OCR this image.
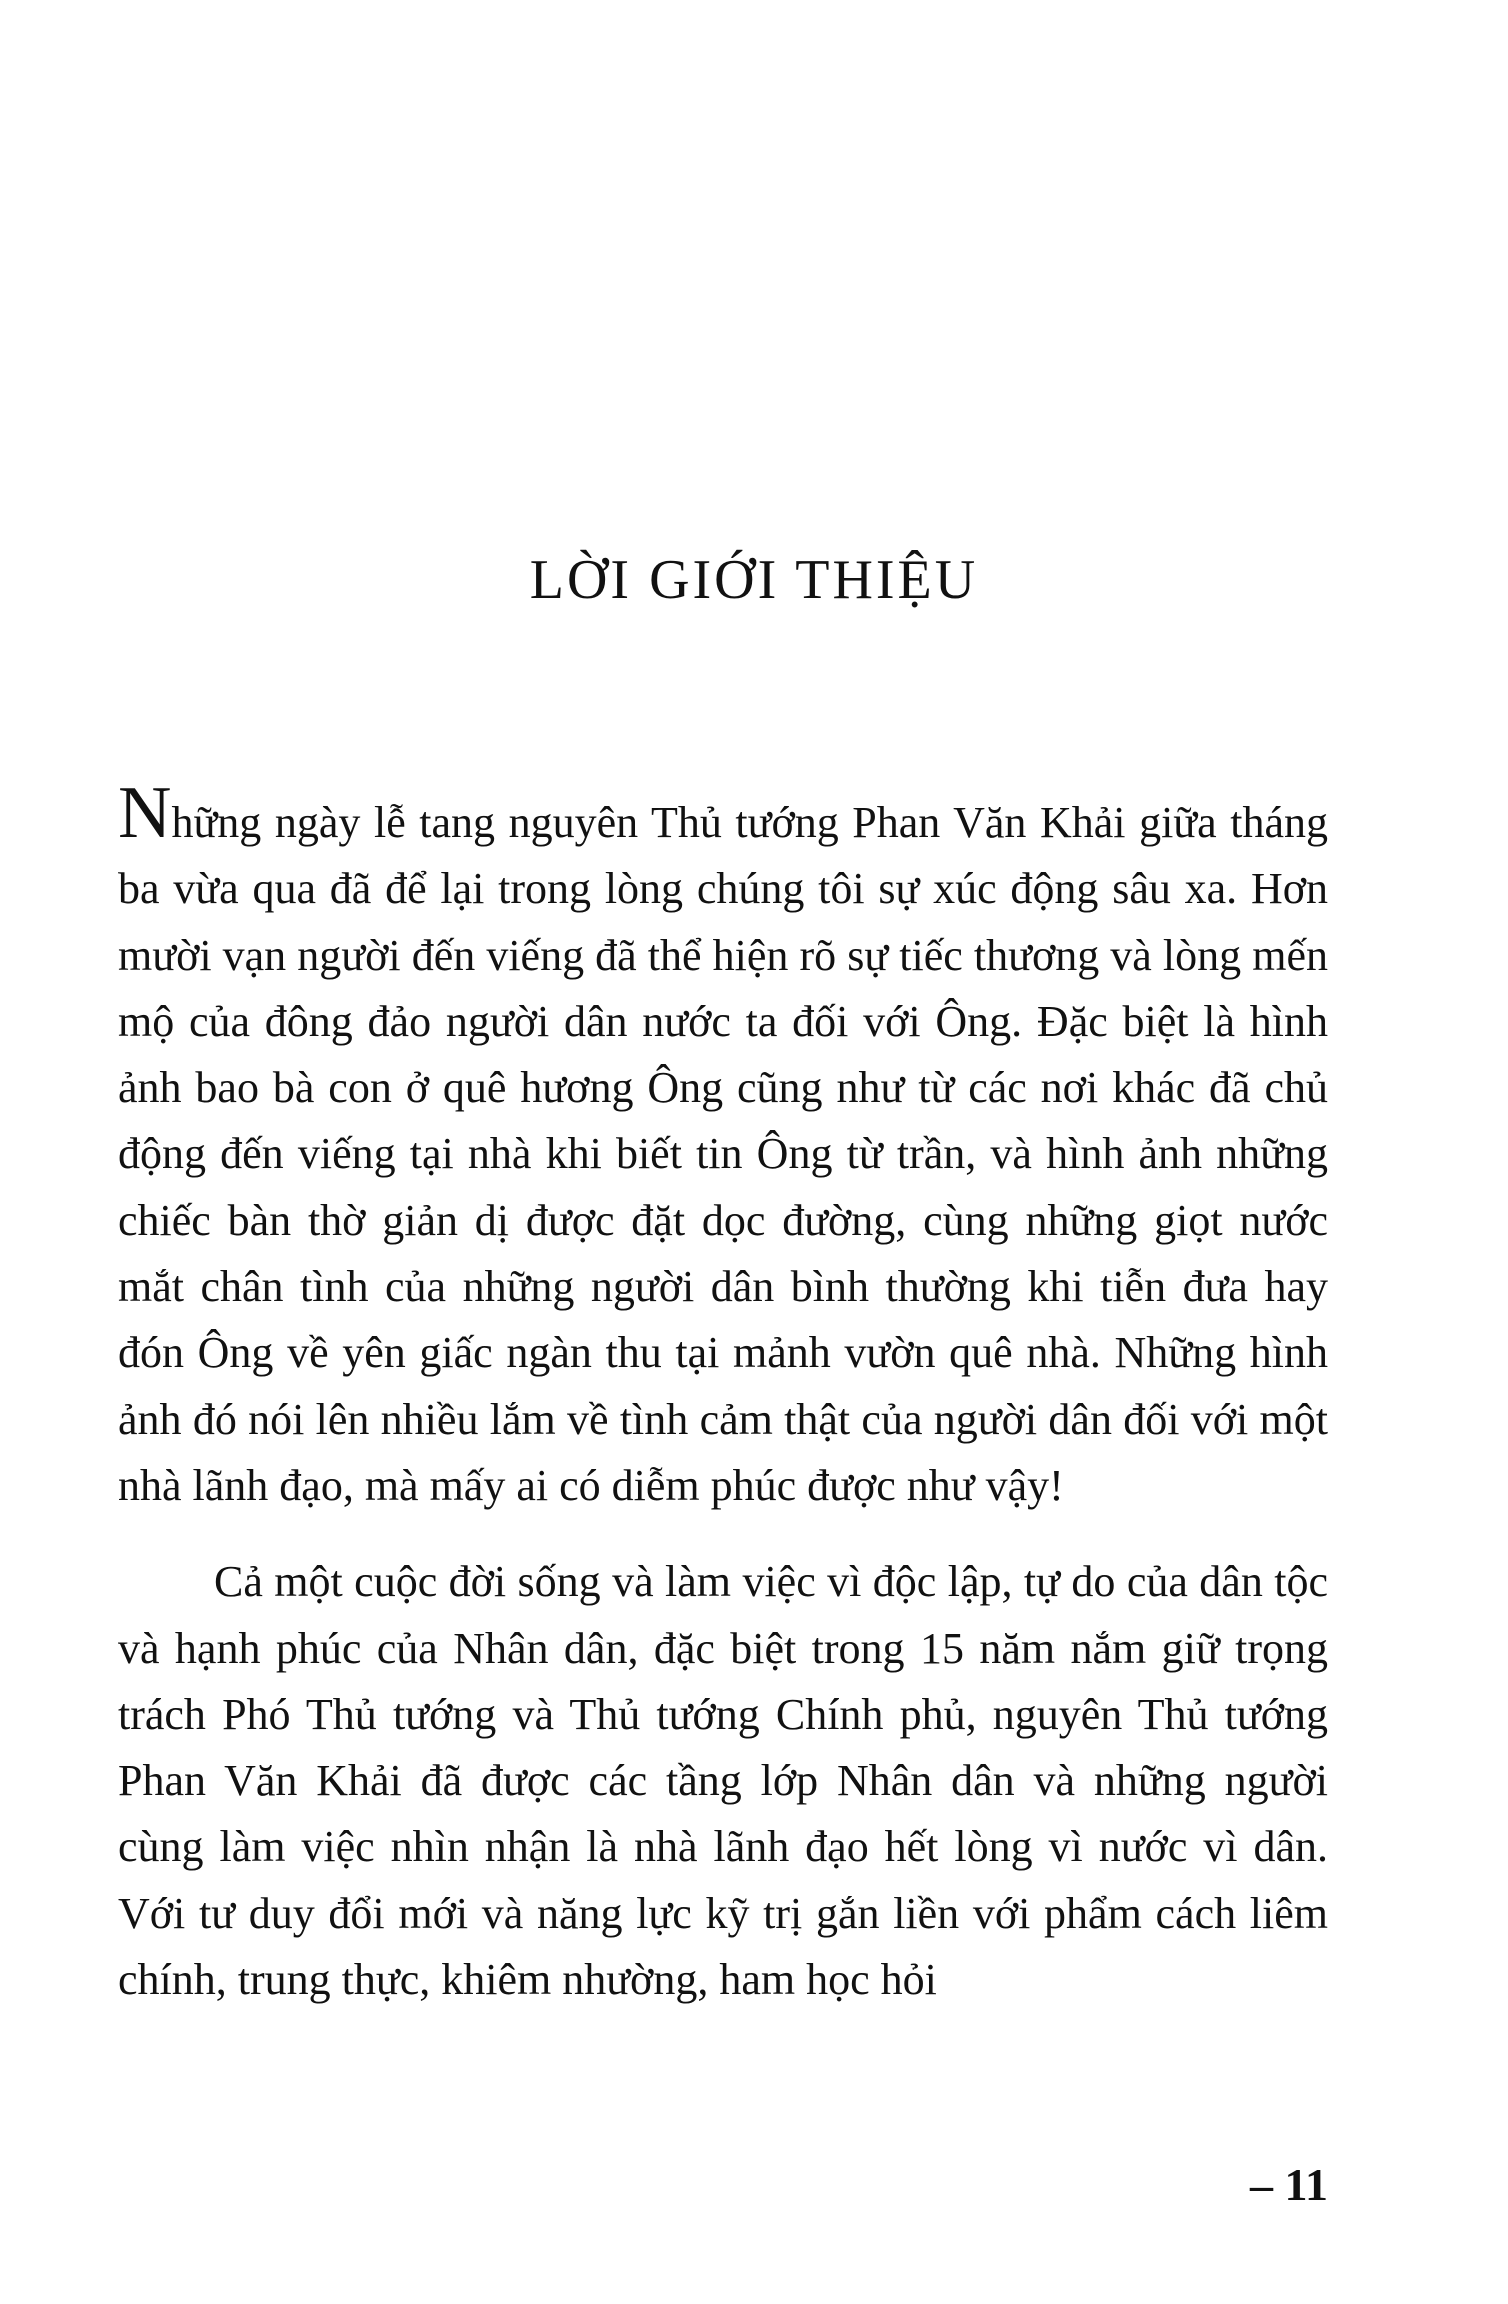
LỜI GIỚI THIỆU

Những ngày lễ tang nguyên Thủ tướng Phan Văn Khải giữa tháng ba vừa qua đã để lại trong lòng chúng tôi sự xúc động sâu xa. Hơn mười vạn người đến viếng đã thể hiện rõ sự tiếc thương và lòng mến mộ của đông đảo người dân nước ta đối với Ông. Đặc biệt là hình ảnh bao bà con ở quê hương Ông cũng như từ các nơi khác đã chủ động đến viếng tại nhà khi biết tin Ông từ trần, và hình ảnh những chiếc bàn thờ giản dị được đặt dọc đường, cùng những giọt nước mắt chân tình của những người dân bình thường khi tiễn đưa hay đón Ông về yên giấc ngàn thu tại mảnh vườn quê nhà. Những hình ảnh đó nói lên nhiều lắm về tình cảm thật của người dân đối với một nhà lãnh đạo, mà mấy ai có diễm phúc được như vậy!

Cả một cuộc đời sống và làm việc vì độc lập, tự do của dân tộc và hạnh phúc của Nhân dân, đặc biệt trong 15 năm nắm giữ trọng trách Phó Thủ tướng và Thủ tướng Chính phủ, nguyên Thủ tướng Phan Văn Khải đã được các tầng lớp Nhân dân và những người cùng làm việc nhìn nhận là nhà lãnh đạo hết lòng vì nước vì dân. Với tư duy đổi mới và năng lực kỹ trị gắn liền với phẩm cách liêm chính, trung thực, khiêm nhường, ham học hỏi

– 11
